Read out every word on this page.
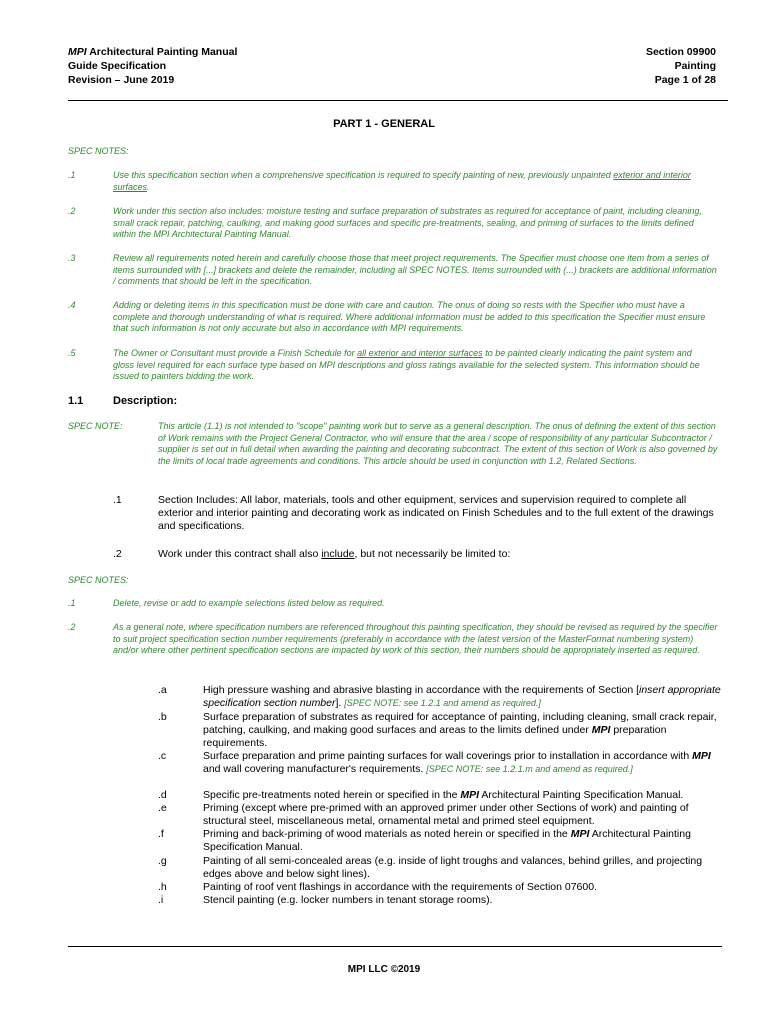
MPI Architectural Painting Manual
Guide Specification
Revision – June 2019
Section 09900
Painting
Page 1 of 28
PART 1 - GENERAL
SPEC NOTES:
.1	Use this specification section when a comprehensive specification is required to specify painting of new, previously unpainted exterior and interior surfaces.
.2	Work under this section also includes: moisture testing and surface preparation of substrates as required for acceptance of paint, including cleaning, small crack repair, patching, caulking, and making good surfaces and specific pre-treatments, sealing, and priming of surfaces to the limits defined within the MPI Architectural Painting Manual.
.3	Review all requirements noted herein and carefully choose those that meet project requirements. The Specifier must choose one item from a series of items surrounded with [...] brackets and delete the remainder, including all SPEC NOTES. Items surrounded with (...) brackets are additional information / comments that should be left in the specification.
.4	Adding or deleting items in this specification must be done with care and caution. The onus of doing so rests with the Specifier who must have a complete and thorough understanding of what is required. Where additional information must be added to this specification the Specifier must ensure that such information is not only accurate but also in accordance with MPI requirements.
.5	The Owner or Consultant must provide a Finish Schedule for all exterior and interior surfaces to be painted clearly indicating the paint system and gloss level required for each surface type based on MPI descriptions and gloss ratings available for the selected system. This information should be issued to painters bidding the work.
1.1	Description:
SPEC NOTE:	This article (1.1) is not intended to "scope" painting work but to serve as a general description. The onus of defining the extent of this section of Work remains with the Project General Contractor, who will ensure that the area / scope of responsibility of any particular Subcontractor / supplier is set out in full detail when awarding the painting and decorating subcontract. The extent of this section of Work is also governed by the limits of local trade agreements and conditions. This article should be used in conjunction with 1.2, Related Sections.
.1	Section Includes: All labor, materials, tools and other equipment, services and supervision required to complete all exterior and interior painting and decorating work as indicated on Finish Schedules and to the full extent of the drawings and specifications.
.2	Work under this contract shall also include, but not necessarily be limited to:
SPEC NOTES:
.1	Delete, revise or add to example selections listed below as required.
.2	As a general note, where specification numbers are referenced throughout this painting specification, they should be revised as required by the specifier to suit project specification section number requirements (preferably in accordance with the latest version of the MasterFormat numbering system) and/or where other pertinent specification sections are impacted by work of this section, their numbers should be appropriately inserted as required.
.a	High pressure washing and abrasive blasting in accordance with the requirements of Section [insert appropriate specification section number]. [SPEC NOTE: see 1.2.1 and amend as required.]
.b	Surface preparation of substrates as required for acceptance of painting, including cleaning, small crack repair, patching, caulking, and making good surfaces and areas to the limits defined under MPI preparation requirements.
.c	Surface preparation and prime painting surfaces for wall coverings prior to installation in accordance with MPI and wall covering manufacturer's requirements. [SPEC NOTE: see 1.2.1.m and amend as required.]
.d	Specific pre-treatments noted herein or specified in the MPI Architectural Painting Specification Manual.
.e	Priming (except where pre-primed with an approved primer under other Sections of work) and painting of structural steel, miscellaneous metal, ornamental metal and primed steel equipment.
.f	Priming and back-priming of wood materials as noted herein or specified in the MPI Architectural Painting Specification Manual.
.g	Painting of all semi-concealed areas (e.g. inside of light troughs and valances, behind grilles, and projecting edges above and below sight lines).
.h	Painting of roof vent flashings in accordance with the requirements of Section 07600.
.i	Stencil painting (e.g. locker numbers in tenant storage rooms).
MPI LLC ©2019
